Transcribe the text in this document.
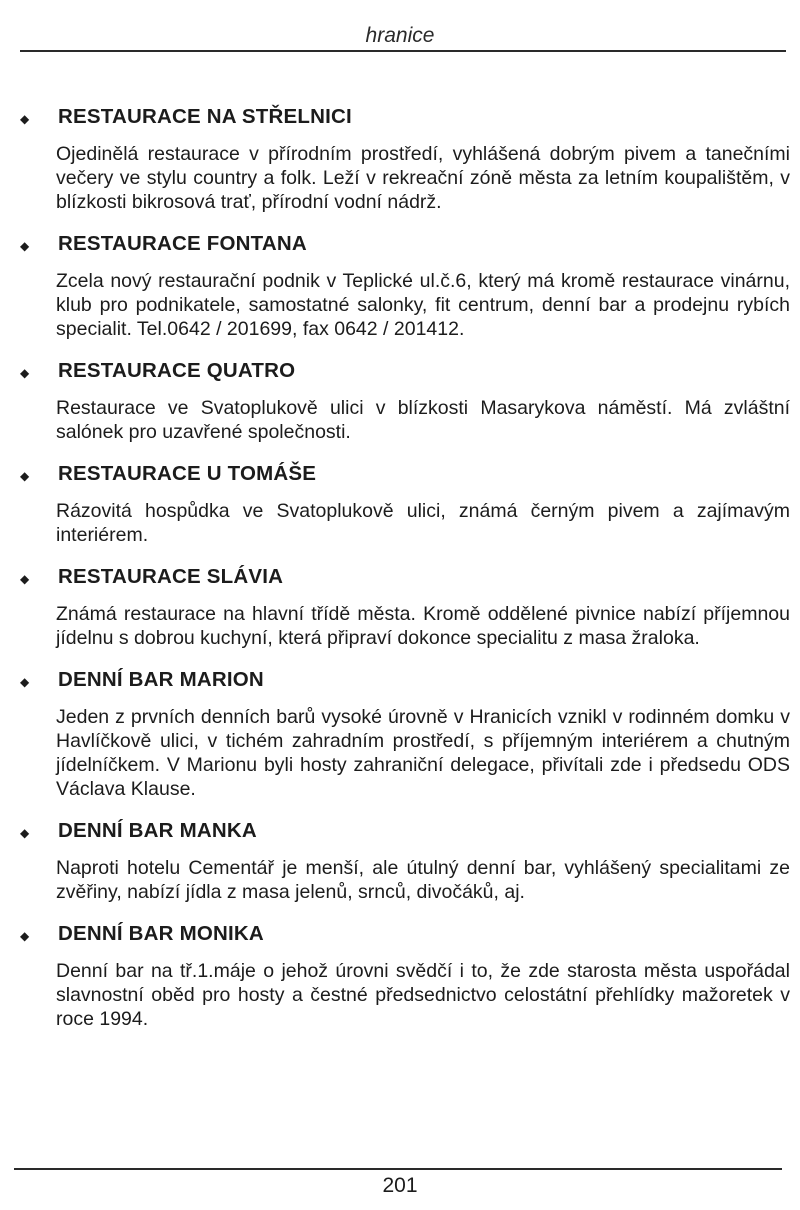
hranice
◆	RESTAURACE NA STŘELNICI
Ojedinělá restaurace v přírodním prostředí, vyhlášená dobrým pivem a tanečními večery ve stylu country a folk. Leží v rekreační zóně města za letním koupalištěm, v blízkosti bikrosová trať, přírodní vodní nádrž.
◆	RESTAURACE FONTANA
Zcela nový restaurační podnik v Teplické ul.č.6, který má kromě restaurace vinárnu, klub pro podnikatele, samostatné salonky, fit centrum, denní bar a prodejnu rybích specialit. Tel.0642 / 201699, fax 0642 / 201412.
◆	RESTAURACE QUATRO
Restaurace ve Svatoplukově ulici v blízkosti Masarykova náměstí. Má zvláštní salónek pro uzavřené společnosti.
◆	RESTAURACE U TOMÁŠE
Rázovitá hospůdka ve Svatoplukově ulici, známá černým pivem a zajímavým interiérem.
◆	RESTAURACE SLÁVIA
Známá restaurace na hlavní třídě města. Kromě oddělené pivnice nabízí příjemnou jídelnu s dobrou kuchyní, která připraví dokonce specialitu z masa žraloka.
◆	DENNÍ BAR MARION
Jeden z prvních denních barů vysoké úrovně v Hranicích vznikl v rodinném domku v Havlíčkově ulici, v tichém zahradním prostředí, s příjemným interiérem a chutným jídelníčkem. V Marionu byli hosty zahraniční delegace, přivítali zde i předsedu ODS Václava Klause.
◆	DENNÍ BAR MANKA
Naproti hotelu Cementář je menší, ale útulný denní bar, vyhlášený specialitami ze zvěřiny, nabízí jídla z masa jelenů, srnců, divočáků, aj.
◆	DENNÍ BAR MONIKA
Denní bar na tř.1.máje o jehož úrovni svědčí i to, že zde starosta města uspořádal slavnostní oběd pro hosty a čestné předsednictvo celostátní přehlídky mažoretek v roce 1994.
201
